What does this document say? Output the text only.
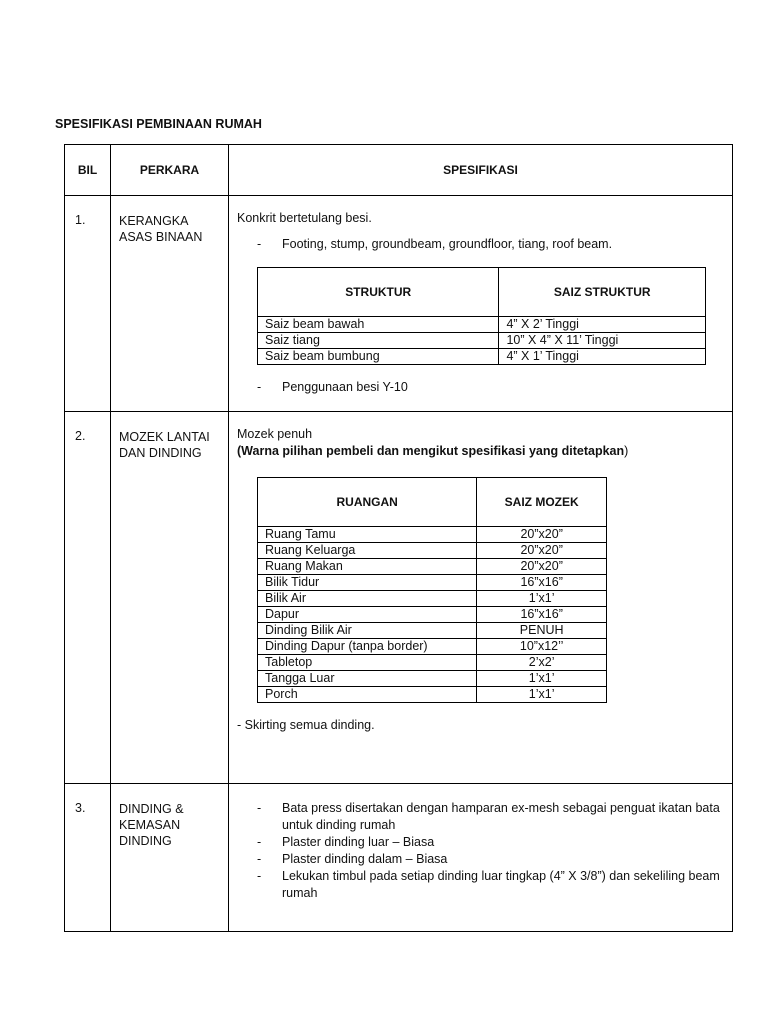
SPESIFIKASI PEMBINAAN RUMAH
BIL	PERKARA	SPESIFIKASI
1.	KERANGKA ASAS BINAAN	
Konkrit bertetulang besi.
- Footing, stump, groundbeam, groundfloor, tiang, roof beam.
STRUKTUR	SAIZ STRUKTUR
Saiz beam bawah	4” X 2’ Tinggi
Saiz tiang	10” X 4” X 11’ Tinggi
Saiz beam bumbung	4” X 1’ Tinggi
- Penggunaan besi Y-10

2.	MOZEK LANTAI DAN DINDING	
Mozek penuh
(Warna pilihan pembeli dan mengikut spesifikasi yang ditetapkan)
RUANGAN	SAIZ MOZEK
Ruang Tamu	20”x20”
Ruang Keluarga	20”x20”
Ruang Makan	20”x20”
Bilik Tidur	16”x16”
Bilik Air	1’x1’
Dapur	16”x16”
Dinding Bilik Air	PENUH
Dinding Dapur (tanpa border)	10”x12’’
Tabletop	2’x2’
Tangga Luar	1’x1’
Porch	1’x1’
- Skirting semua dinding.

3.	DINDING & KEMASAN DINDING	
- Bata press disertakan dengan hamparan ex-mesh sebagai penguat ikatan bata untuk dinding rumah
- Plaster dinding luar – Biasa
- Plaster dinding dalam – Biasa
- Lekukan timbul pada setiap dinding luar tingkap (4” X 3/8”) dan sekeliling beam rumah
